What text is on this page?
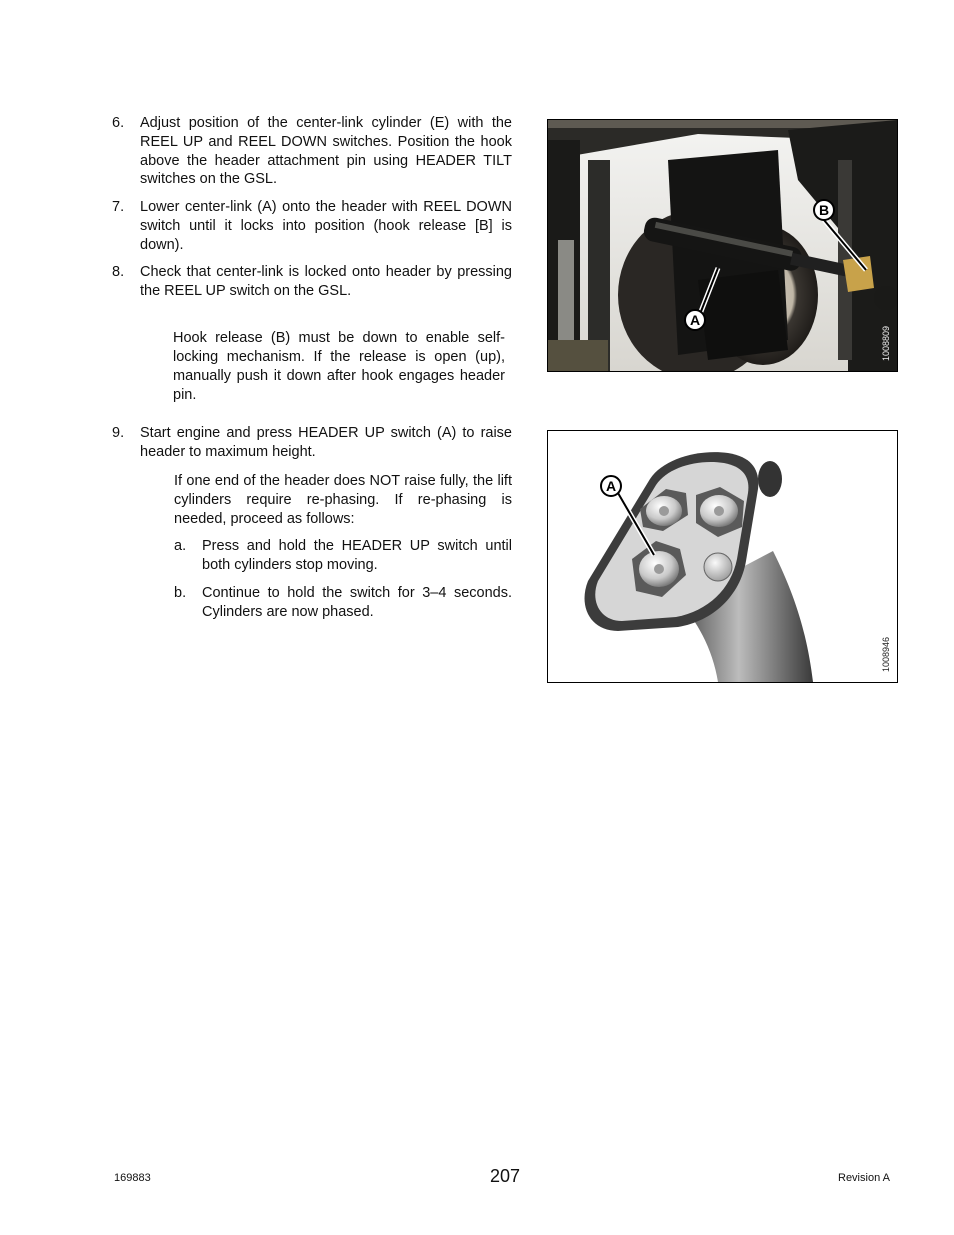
6. Adjust position of the center-link cylinder (E) with the REEL UP and REEL DOWN switches. Position the hook above the header attachment pin using HEADER TILT switches on the GSL.
7. Lower center-link (A) onto the header with REEL DOWN switch until it locks into position (hook release [B] is down).
8. Check that center-link is locked onto header by pressing the REEL UP switch on the GSL.
Hook release (B) must be down to enable self-locking mechanism. If the release is open (up), manually push it down after hook engages header pin.
9. Start engine and press HEADER UP switch (A) to raise header to maximum height.
If one end of the header does NOT raise fully, the lift cylinders require re-phasing. If re-phasing is needed, proceed as follows:
a. Press and hold the HEADER UP switch until both cylinders stop moving.
b. Continue to hold the switch for 3–4 seconds. Cylinders are now phased.
B
A
1008809
A
1008946
169883	207	Revision A
